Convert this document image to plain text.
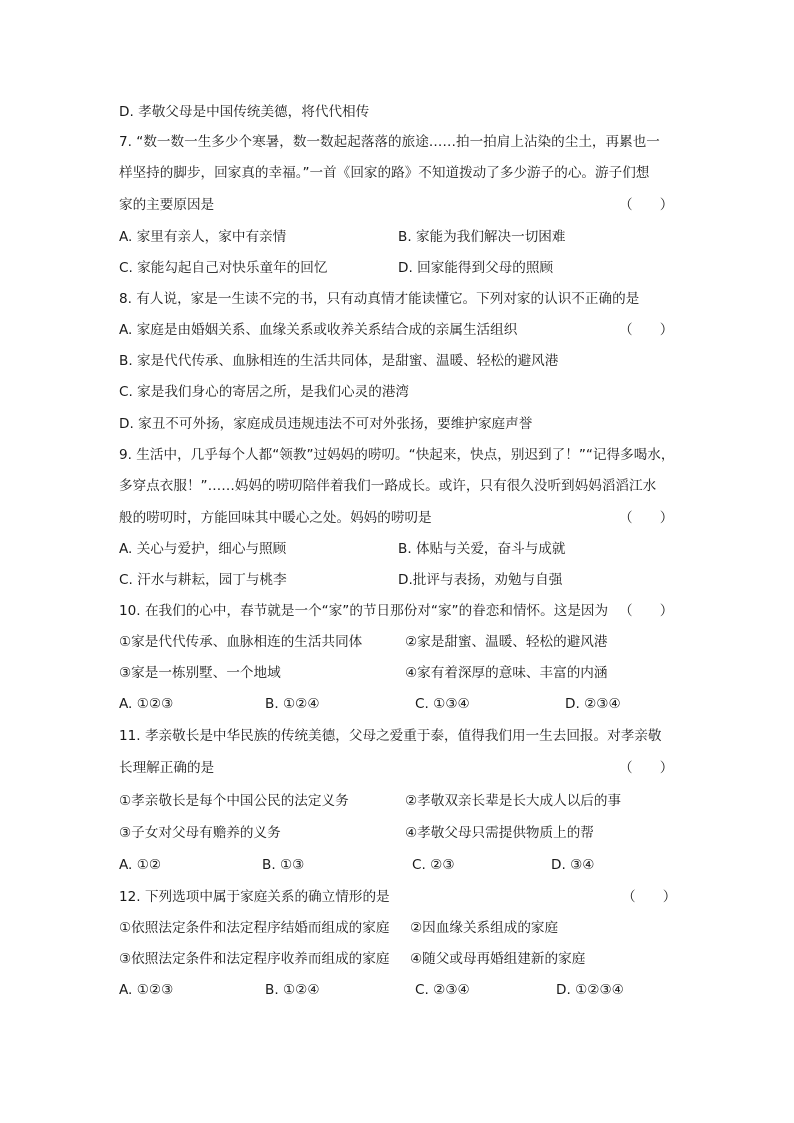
D. 孝敬父母是中国传统美德，将代代相传
7. “数一数一生多少个寒暑，数一数起起落落的旅途……拍一拍肩上沾染的尘土，再累也一
样坚持的脚步，回家真的幸福。”一首《回家的路》不知道拨动了多少游子的心。游子们想
家的主要原因是	（　　）
A. 家里有亲人，家中有亲情	B. 家能为我们解决一切困难
C. 家能勾起自己对快乐童年的回忆	D. 回家能得到父母的照顾
8. 有人说，家是一生读不完的书，只有动真情才能读懂它。下列对家的认识不正确的是
A. 家庭是由婚姻关系、血缘关系或收养关系结合成的亲属生活组织	（　　）
B. 家是代代传承、血脉相连的生活共同体，是甜蜜、温暖、轻松的避风港
C. 家是我们身心的寄居之所，是我们心灵的港湾
D. 家丑不可外扬，家庭成员违规违法不可对外张扬，要维护家庭声誉
9. 生活中，几乎每个人都“领教”过妈妈的唠叨。“快起来，快点，别迟到了！”“记得多喝水，
多穿点衣服！”……妈妈的唠叨陪伴着我们一路成长。或许，只有很久没听到妈妈滔滔江水
般的唠叨时，方能回味其中暖心之处。妈妈的唠叨是	（　　）
A. 关心与爱护，细心与照顾	B. 体贴与关爱，奋斗与成就
C. 汗水与耕耘，园丁与桃李	D.批评与表扬，劝勉与自强
10. 在我们的心中，春节就是一个“家”的节日那份对“家”的眷恋和情怀。这是因为 （　　）
①家是代代传承、血脉相连的生活共同体	②家是甜蜜、温暖、轻松的避风港
③家是一栋别墅、一个地域	④家有着深厚的意味、丰富的内涵
A. ①②③	B. ①②④	C. ①③④	D. ②③④
11. 孝亲敬长是中华民族的传统美德，父母之爱重于泰，值得我们用一生去回报。对孝亲敬
长理解正确的是	（　　）
①孝亲敬长是每个中国公民的法定义务	②孝敬双亲长辈是长大成人以后的事
③子女对父母有赡养的义务	④孝敬父母只需提供物质上的帮
A. ①②	B. ①③	C. ②③	D. ③④
12. 下列选项中属于家庭关系的确立情形的是	（　　）
①依照法定条件和法定程序结婚而组成的家庭 ②因血缘关系组成的家庭
③依照法定条件和法定程序收养而组成的家庭 ④随父或母再婚组建新的家庭
A. ①②③	B. ①②④	C. ②③④	D. ①②③④
